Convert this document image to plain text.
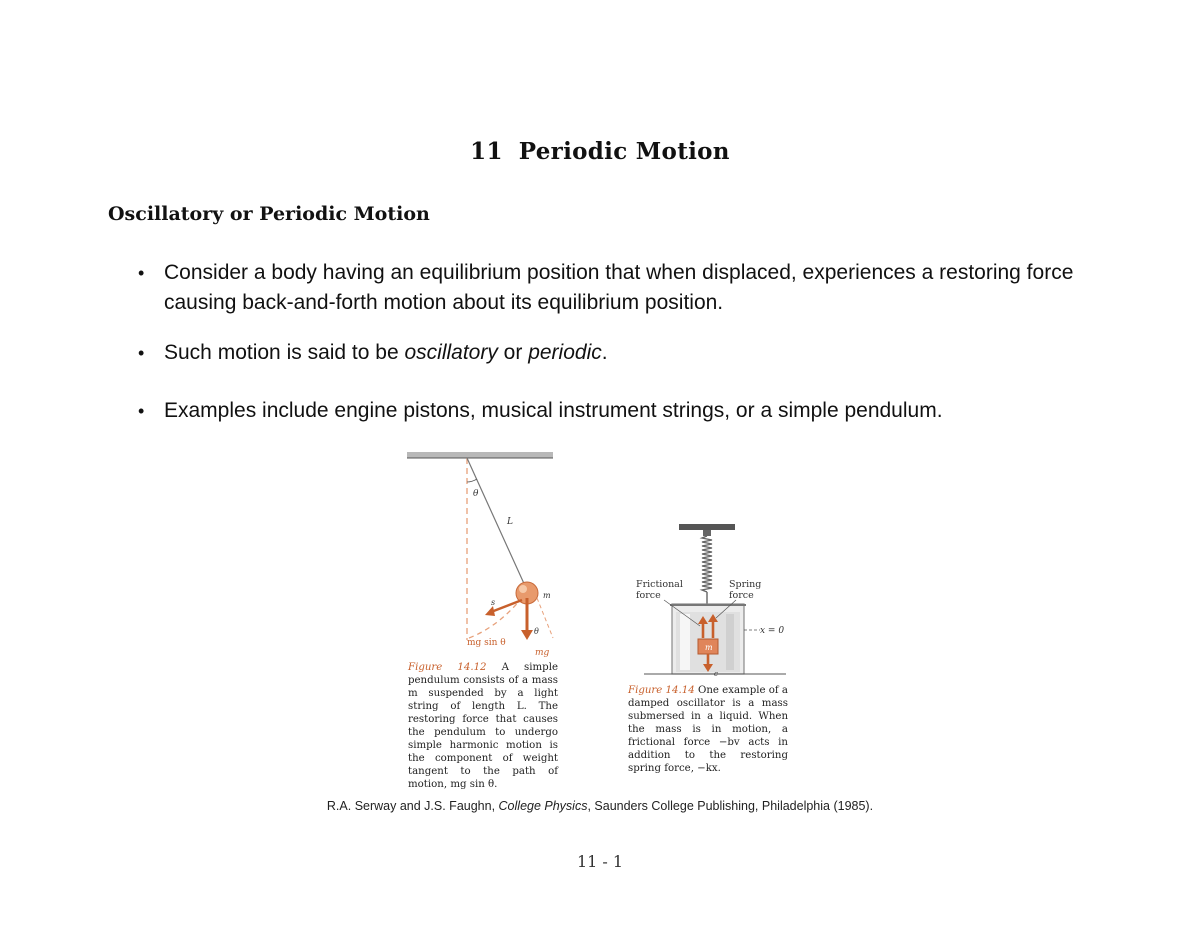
11 Periodic Motion
Oscillatory or Periodic Motion
• Consider a body having an equilibrium position that when displaced, experiences a restoring force causing back-and-forth motion about its equilibrium position.
• Such motion is said to be oscillatory or periodic.
• Examples include engine pistons, musical instrument strings, or a simple pendulum.
θ
L
s
m
θ
mg sin θ
mg
Figure 14.12 A simple pendulum consists of a mass m suspended by a light string of length L. The restoring force that causes the pendulum to undergo simple harmonic motion is the component of weight tangent to the path of motion, mg sin θ.
Frictional
force
Spring
force
x = 0
m
c
Figure 14.14 One example of a damped oscillator is a mass submersed in a liquid. When the mass is in motion, a frictional force −bv acts in addition to the restoring spring force, −kx.
R.A. Serway and J.S. Faughn, College Physics, Saunders College Publishing, Philadelphia (1985).
11 - 1
